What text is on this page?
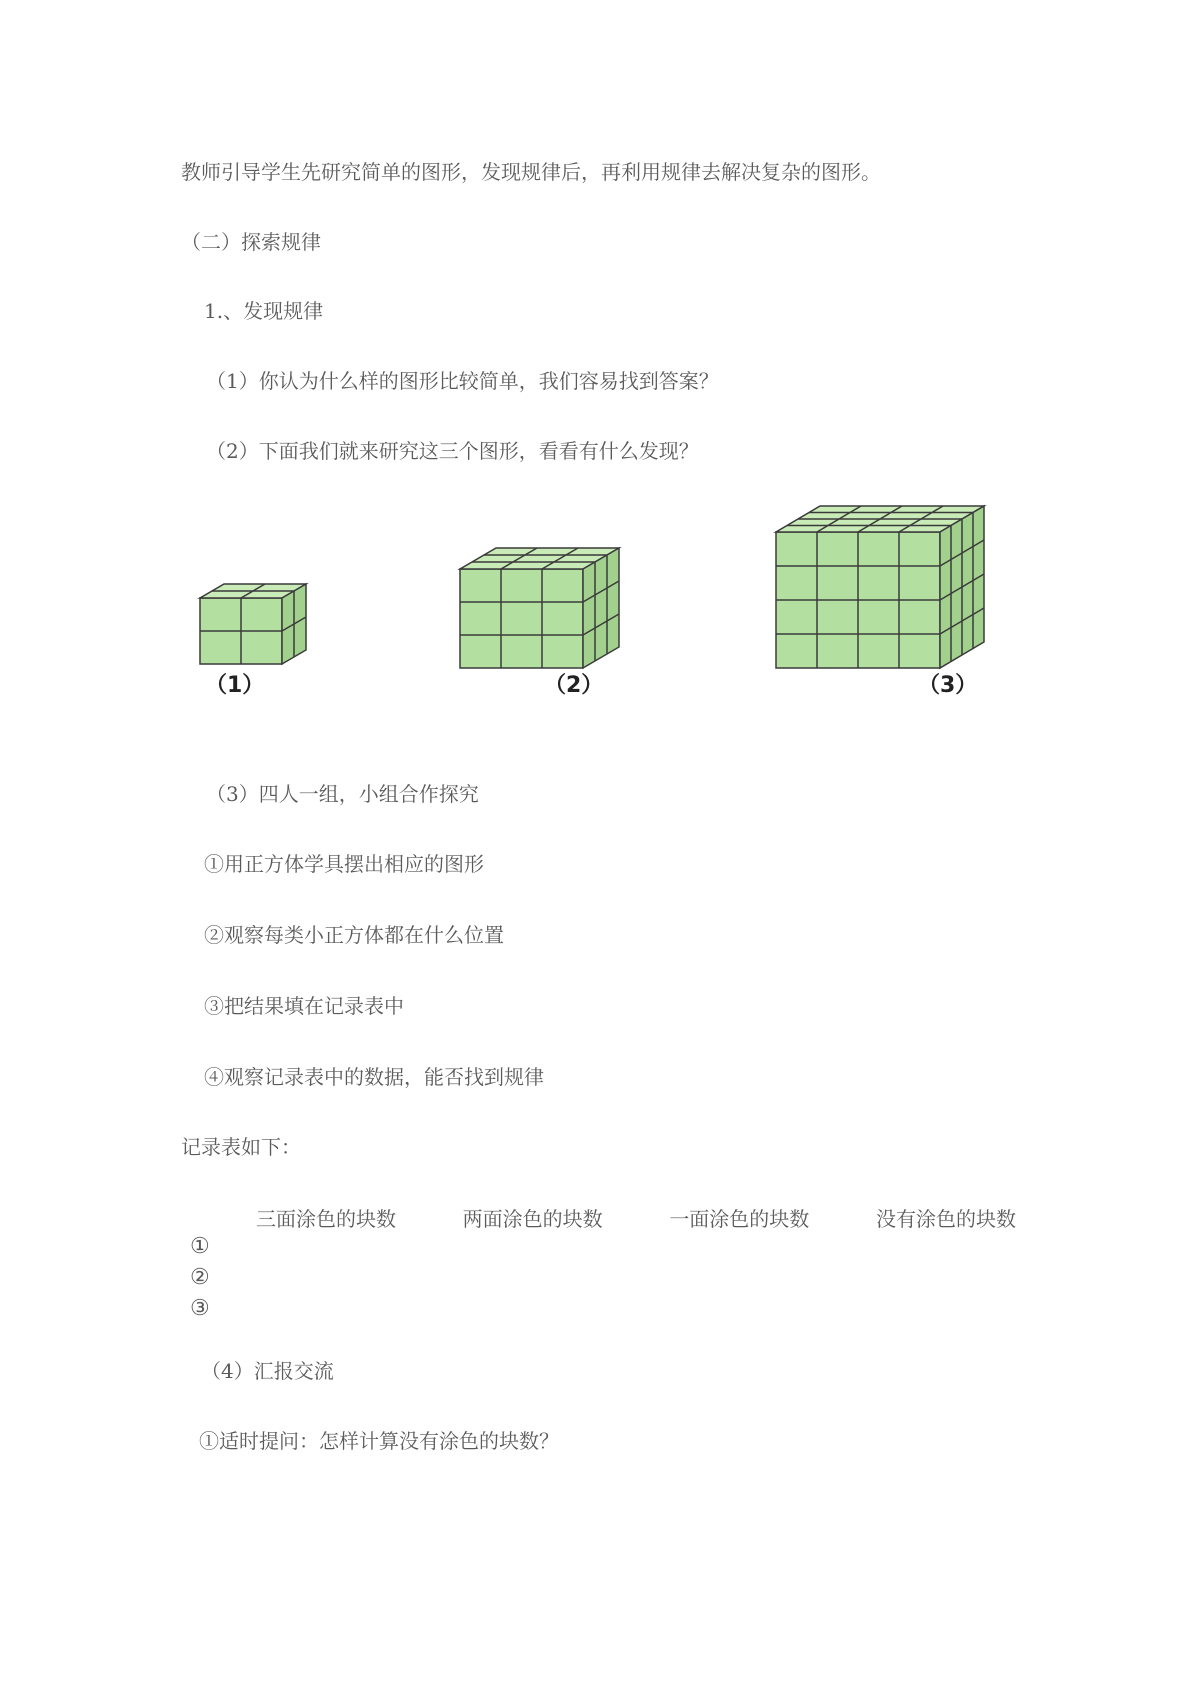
教师引导学生先研究简单的图形，发现规律后，再利用规律去解决复杂的图形。
（二）探索规律
1.、发现规律
（1）你认为什么样的图形比较简单，我们容易找到答案？
（2）下面我们就来研究这三个图形，看看有什么发现？
（1）	（2）	（3）
（3）四人一组，小组合作探究
①用正方体学具摆出相应的图形
②观察每类小正方体都在什么位置
③把结果填在记录表中
④观察记录表中的数据，能否找到规律
记录表如下：
三面涂色的块数	两面涂色的块数	一面涂色的块数	没有涂色的块数
①
②
③
（4）汇报交流
①适时提问：怎样计算没有涂色的块数？
